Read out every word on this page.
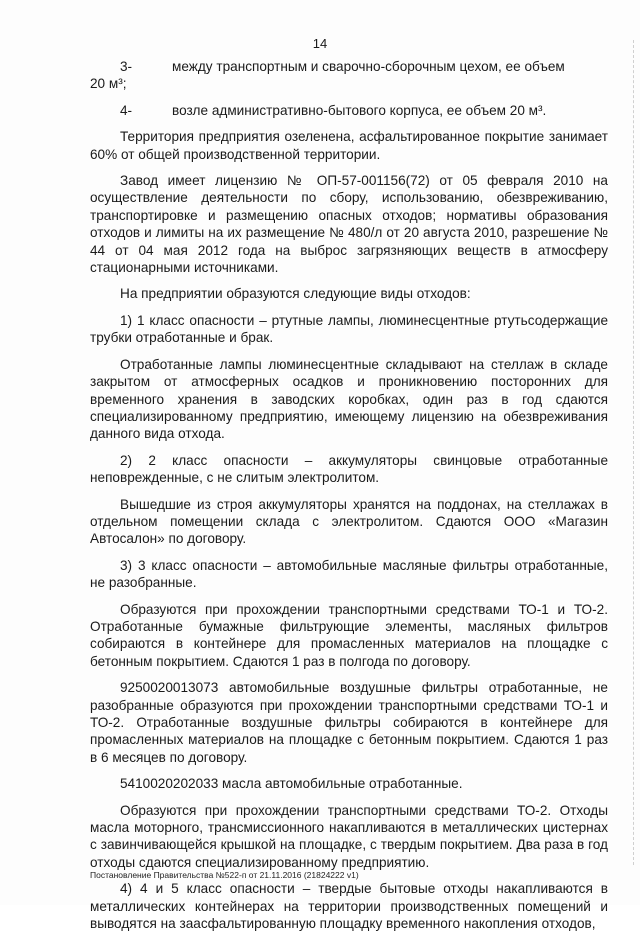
14
3-	между транспортным и сварочно-сборочным цехом, ее объем
20 м³;
4-	возле административно-бытового корпуса, ее объем 20 м³.

Территория предприятия озеленена, асфальтированное покрытие занимает 60% от общей производственной территории.

Завод имеет лицензию № ОП-57-001156(72) от 05 февраля 2010 на осуществление деятельности по сбору, использованию, обезвреживанию, транспортировке и размещению опасных отходов; нормативы образования отходов и лимиты на их размещение № 480/л от 20 августа 2010, разрешение № 44 от 04 мая 2012 года на выброс загрязняющих веществ в атмосферу стационарными источниками.

На предприятии образуются следующие виды отходов:

1) 1 класс опасности – ртутные лампы, люминесцентные ртутьсодержащие трубки отработанные и брак.

Отработанные лампы люминесцентные складывают на стеллаж в складе закрытом от атмосферных осадков и проникновению посторонних для временного хранения в заводских коробках, один раз в год сдаются специализированному предприятию, имеющему лицензию на обезвреживания данного вида отхода.

2) 2 класс опасности – аккумуляторы свинцовые отработанные неповрежденные, с не слитым электролитом.

Вышедшие из строя аккумуляторы хранятся на поддонах, на стеллажах в отдельном помещении склада с электролитом. Сдаются ООО «Магазин Автосалон» по договору.

3) 3 класс опасности – автомобильные масляные фильтры отработанные, не разобранные.

Образуются при прохождении транспортными средствами ТО-1 и ТО-2. Отработанные бумажные фильтрующие элементы, масляных фильтров собираются в контейнере для промасленных материалов на площадке с бетонным покрытием. Сдаются 1 раз в полгода по договору.

9250020013073 автомобильные воздушные фильтры отработанные, не разобранные образуются при прохождении транспортными средствами ТО-1 и ТО-2. Отработанные воздушные фильтры собираются в контейнере для промасленных материалов на площадке с бетонным покрытием. Сдаются 1 раз в 6 месяцев по договору.

5410020202033 масла автомобильные отработанные.

Образуются при прохождении транспортными средствами ТО-2. Отходы масла моторного, трансмиссионного накапливаются в металлических цистернах с завинчивающейся крышкой на площадке, с твердым покрытием. Два раза в год отходы сдаются специализированному предприятию.

4) 4 и 5 класс опасности – твердые бытовые отходы накапливаются в металлических контейнерах на территории производственных помещений и выводятся на заасфальтированную площадку временного накопления отходов,

Постановление Правительства №522-п от 21.11.2016 (21824222 v1)
